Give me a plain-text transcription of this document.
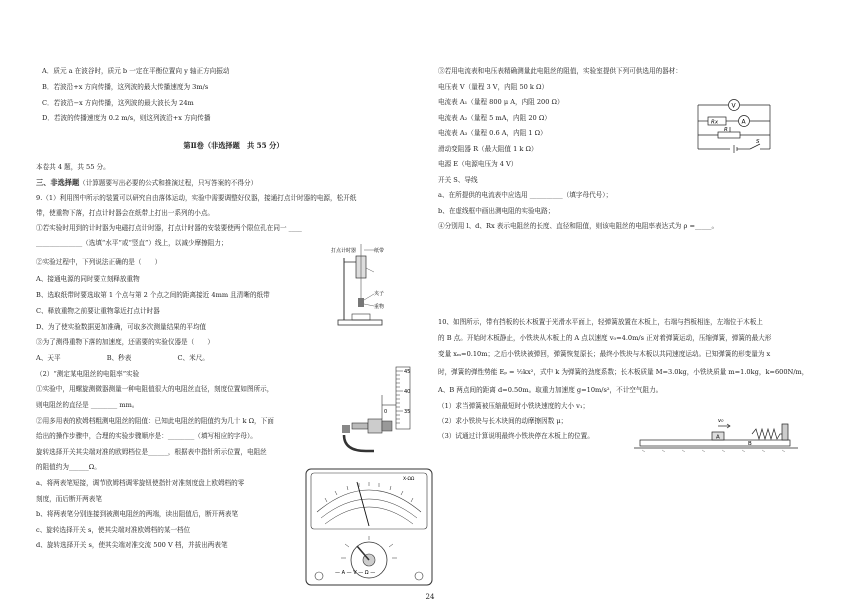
A．质元 a 在波谷时，质元 b 一定在平衡位置向 y 轴正方向振动
B．若波沿+x 方向传播，这列波的最大传播速度为 3m/s
C．若波沿−x 方向传播，这列波的最大波长为 24m
D．若波的传播速度为 0.2 m/s，则这列波沿+x 方向传播
第Ⅱ卷（非选择题　共 55 分）
本卷共 4 题，共 55 分。
三、非选择题（计算题要写出必要的公式和推演过程，只写答案的不得分）
9.（1）利用图中所示的装置可以研究自由落体运动，实验中需要调整好仪器，接通打点计时器的电源，松开纸
带，使重物下落，打点计时器会在纸带上打出一系列的小点。
①若实验时用到的计时器为电磁打点计时器，打点计时器的安装要使两个限位孔在同一 ____
______________（选填“水平”或“竖直”）线上，以减少摩擦阻力；
②实验过程中，下列说法正确的是（　　）
A、接通电源的同时要立刻释放重物
B、选取纸带时要选取第 1 个点与第 2 个点之间的距离接近 4mm 且清晰的纸带
C、释放重物之前要让重物靠近打点计时器
D、为了使实验数据更加准确，可取多次测量结果的平均值
③为了测得重物下落的加速度，还需要的实验仪器是（　　）
A、天平　　　　　　　B、秒表　　　　　　　C、米尺。
（2）“测定某电阻丝的电阻率”实验
①实验中，用螺旋测微器测量一种电阻值很大的电阻丝直径，刻度位置如图所示，
则电阻丝的直径是 ________ mm。
②用多用表的欧姆档粗测电阻丝的阻值：已知此电阻丝的阻值约为几十 k Ω，下面
给出的操作步骤中，合理的实验步骤顺序是：________（填写相应的字母）。
旋转选择开关其尖端对准的欧姆档位是______，根据表中指针所示位置，电阻丝
的阻值约为______Ω。
a、将两表笔短接，调节欧姆档调零旋钮使指针对准刻度盘上欧姆档的零
刻度，而后断开两表笔
b、将两表笔分别连接到被测电阻丝的两端，读出阻值后，断开两表笔
c、旋转选择开关 s，使其尖端对准欧姆档的某一档位
d、旋转选择开关 s，使其尖端对准交流 500 V 档，并拔出两表笔
打点计时器	纸带
夹子
重物
45
40
35
0
X-ΩΩ
— A — V — Ω —
③若用电流表和电压表精确测量此电阻丝的阻值，实验室提供下列可供选用的器材：
电压表 V（量程 3 V，内阻 50 k Ω）
电流表 A₁（量程 800 μ A，内阻 200 Ω）
电流表 A₂（量程 5 mA，内阻 20 Ω）
电流表 A₃（量程 0.6 A，内阻 1 Ω）
滑动变阻器 R（最大阻值 1 k Ω）
电源 E（电源电压为 4 V）
开关 S、导线
a、在所提供的电流表中应选用 __________（填字母代号）；
b、在虚线框中画出测电阻的实验电路；
④分别用 l、d、Rx 表示电阻丝的长度、直径和阻值，则该电阻丝的电阻率表达式为 ρ =_____。
10、如图所示，带有挡板的长木板置于光滑水平面上，轻弹簧放置在木板上，右端与挡板相连，左端位于木板上
的 B 点。开始时木板静止，小铁块从木板上的 A 点以速度 v₀=4.0m/s 正对着弹簧运动，压缩弹簧，弹簧的最大形
变量 xₘ=0.10m；之后小铁块被弹回，弹簧恢复原长；最终小铁块与木板以共同速度运动。已知弹簧的形变量为 x
时，弹簧的弹性势能 Eₚ = ½kx²，式中 k 为弹簧的劲度系数；长木板质量 M=3.0kg，小铁块质量 m=1.0kg，k=600N/m，
A、B 两点间的距离 d=0.50m。取重力加速度 g=10m/s²，不计空气阻力。
（1）求当弹簧被压缩最短时小铁块速度的大小 v₁；
（2）求小铁块与长木块间的动摩擦因数 μ；
（3）试通过计算说明最终小铁块停在木板上的位置。
V
Rx	A
R
S
v₀
A
B
24
